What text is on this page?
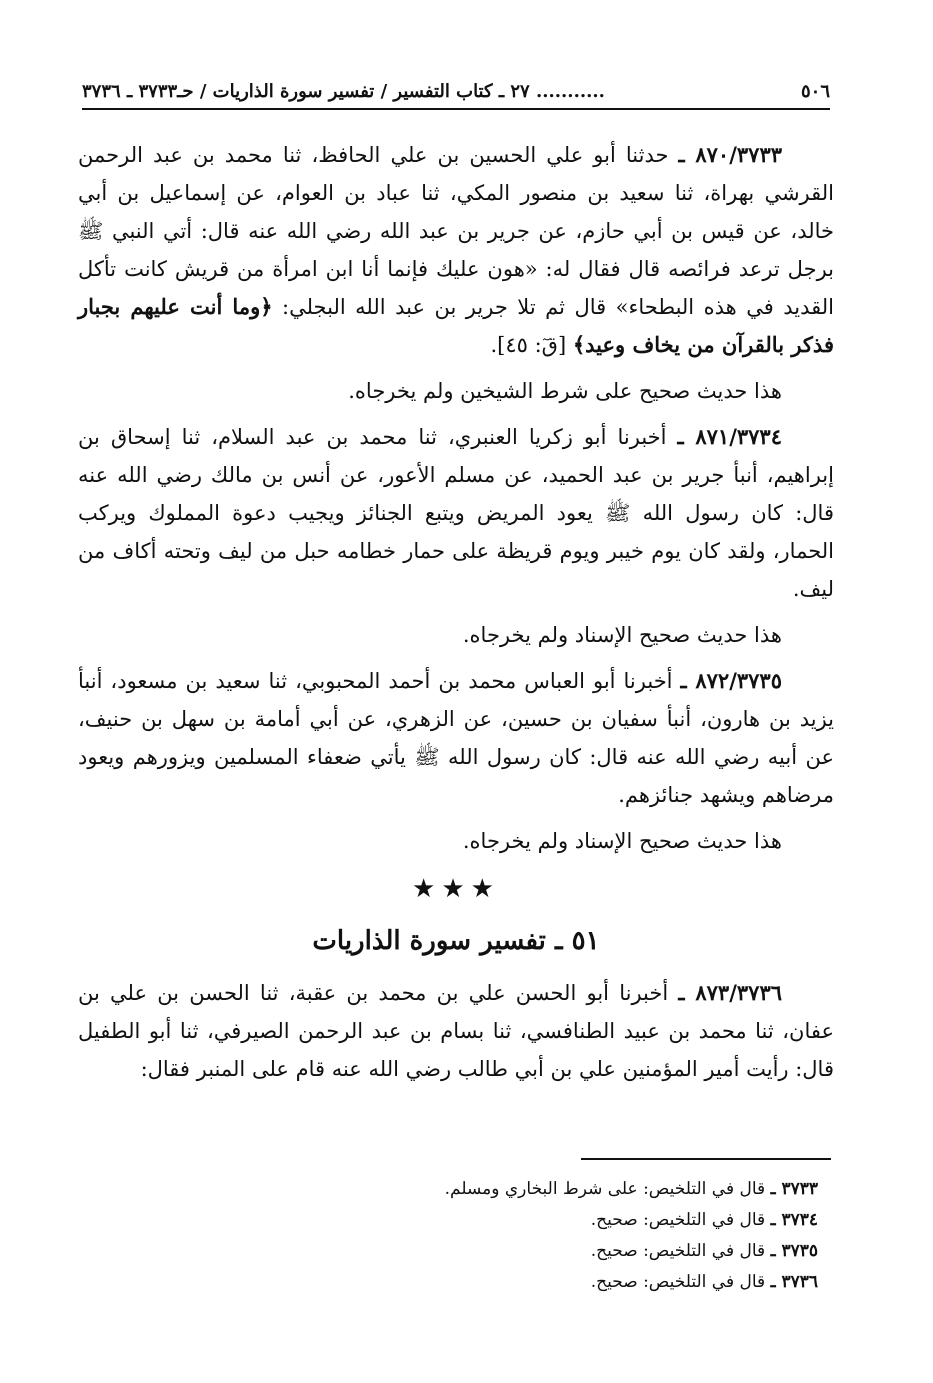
٥٠٦
........... ٢٧ ـ كتاب التفسير / تفسير سورة الذاريات / حـ٣٧٣٣ ـ ٣٧٣٦

٨٧٠/٣٧٣٣ ـ حدثنا أبو علي الحسين بن علي الحافظ، ثنا محمد بن عبد الرحمن القرشي بهراة، ثنا سعيد بن منصور المكي، ثنا عباد بن العوام، عن إسماعيل بن أبي خالد، عن قيس بن أبي حازم، عن جرير بن عبد الله رضي الله عنه قال: أتي النبي ﷺ برجل ترعد فرائصه قال فقال له: «هون عليك فإنما أنا ابن امرأة من قريش كانت تأكل القديد في هذه البطحاء» قال ثم تلا جرير بن عبد الله البجلي: ﴿وما أنت عليهم بجبار فذكر بالقرآن من يخاف وعيد﴾ [قٓ: ٤٥].

هذا حديث صحيح على شرط الشيخين ولم يخرجاه.

٨٧١/٣٧٣٤ ـ أخبرنا أبو زكريا العنبري، ثنا محمد بن عبد السلام، ثنا إسحاق بن إبراهيم، أنبأ جرير بن عبد الحميد، عن مسلم الأعور، عن أنس بن مالك رضي الله عنه قال: كان رسول الله ﷺ يعود المريض ويتبع الجنائز ويجيب دعوة المملوك ويركب الحمار، ولقد كان يوم خيبر ويوم قريظة على حمار خطامه حبل من ليف وتحته أكاف من ليف.

هذا حديث صحيح الإسناد ولم يخرجاه.

٨٧٢/٣٧٣٥ ـ أخبرنا أبو العباس محمد بن أحمد المحبوبي، ثنا سعيد بن مسعود، أنبأ يزيد بن هارون، أنبأ سفيان بن حسين، عن الزهري، عن أبي أمامة بن سهل بن حنيف، عن أبيه رضي الله عنه قال: كان رسول الله ﷺ يأتي ضعفاء المسلمين ويزورهم ويعود مرضاهم ويشهد جنائزهم.

هذا حديث صحيح الإسناد ولم يخرجاه.

★★★
٥١ ـ تفسير سورة الذاريات

٨٧٣/٣٧٣٦ ـ أخبرنا أبو الحسن علي بن محمد بن عقبة، ثنا الحسن بن علي بن عفان، ثنا محمد بن عبيد الطنافسي، ثنا بسام بن عبد الرحمن الصيرفي، ثنا أبو الطفيل قال: رأيت أمير المؤمنين علي بن أبي طالب رضي الله عنه قام على المنبر فقال:

٣٧٣٣ ـ قال في التلخيص: على شرط البخاري ومسلم.

٣٧٣٤ ـ قال في التلخيص: صحيح.

٣٧٣٥ ـ قال في التلخيص: صحيح.

٣٧٣٦ ـ قال في التلخيص: صحيح.
